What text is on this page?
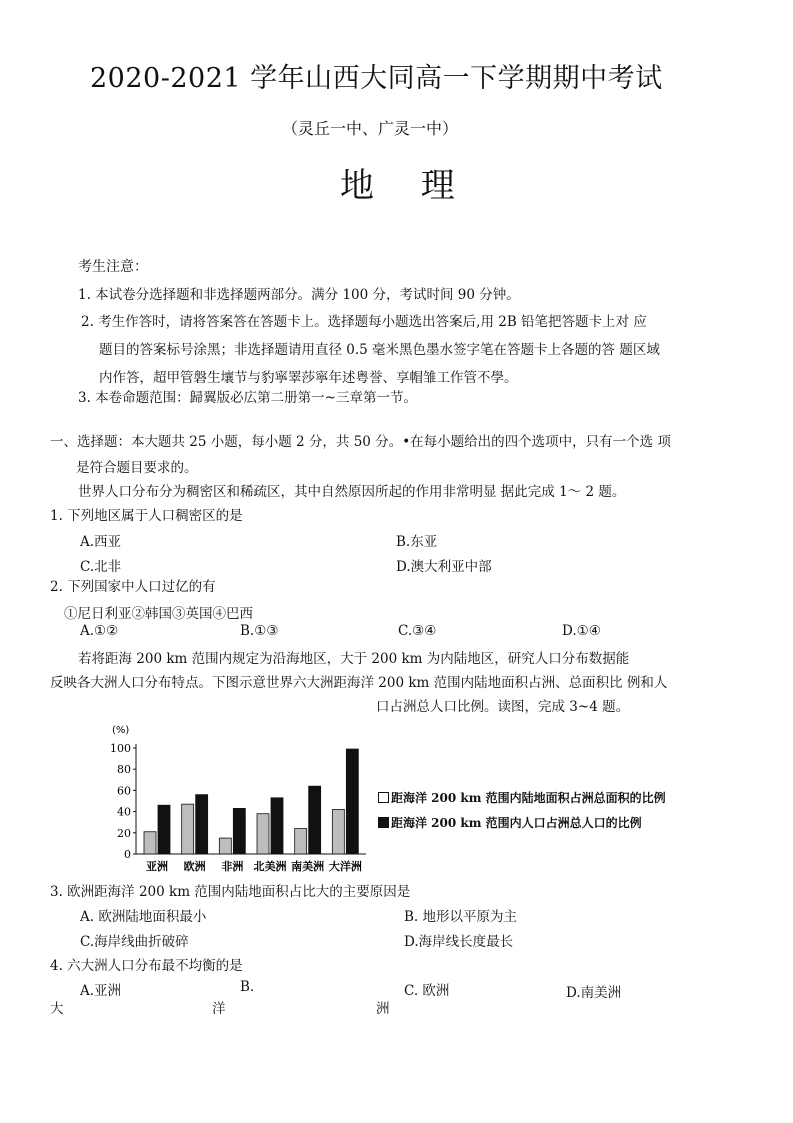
2020-2021 学年山西大同高一下学期期中考试
（灵丘一中、广灵一中）
地 理
考生注意：
1. 本试卷分选择题和非选择题两部分。满分 100 分，考试时间 90 分钟。
2. 考生作答时，请将答案答在答题卡上。选择题每小题选出答案后,用 2B 铅笔把答题卡上对 应
题目的答案标号涂黑；非选择题请用直径 0.5 毫米黑色墨水签字笔在答题卡上各题的答 题区域
内作答，超甲管磐生壤节与豹寧睪莎寧年述粤誉、享帽雏工作管不學。
3. 本卷命题范围：歸翼版必広第二册第一~三章第一节。
一、选择题：本大题共 25 小题，每小题 2 分，共 50 分。•在每小题给出的四个选项中，只有一个选 项
是符合题目要求的。
世界人口分布分为稠密区和稀疏区，其中自然原因所起的作用非常明显 据此完成 1～ 2 题。
1. 下列地区属于人口稠密区的是
A.西亚	B.东亚
C.北非	D.澳大利亚中部
2. 下列国家中人口过亿的有
①尼日利亚②韩国③英国④巴西
A.①②	B.①③	C.③④	D.①④
若将距海 200 km 范围内规定为沿海地区，大于 200 km 为内陆地区，研究人口分布数据能
反映各大洲人口分布特点。下图示意世界六大洲距海洋 200 km 范围内陆地面积占洲、总面积比 例和人
口占洲总人口比例。读图，完成 3~4 题。
(%)
0
20
40
60
80
100
亚洲 欧洲 非洲 北美洲 南美洲 大洋洲
距海洋 200 km 范围内陆地面积占洲总面积的比例
距海洋 200 km 范围内人口占洲总人口的比例
3. 欧洲距海洋 200 km 范围内陆地面积占比大的主要原因是
A. 欧洲陆地面积最小	B. 地形以平原为主
C.海岸线曲折破碎	D.海岸线长度最长
4. 六大洲人口分布最不均衡的是
A.亚洲	B.	C. 欧洲	D.南美洲
大	洋	洲
